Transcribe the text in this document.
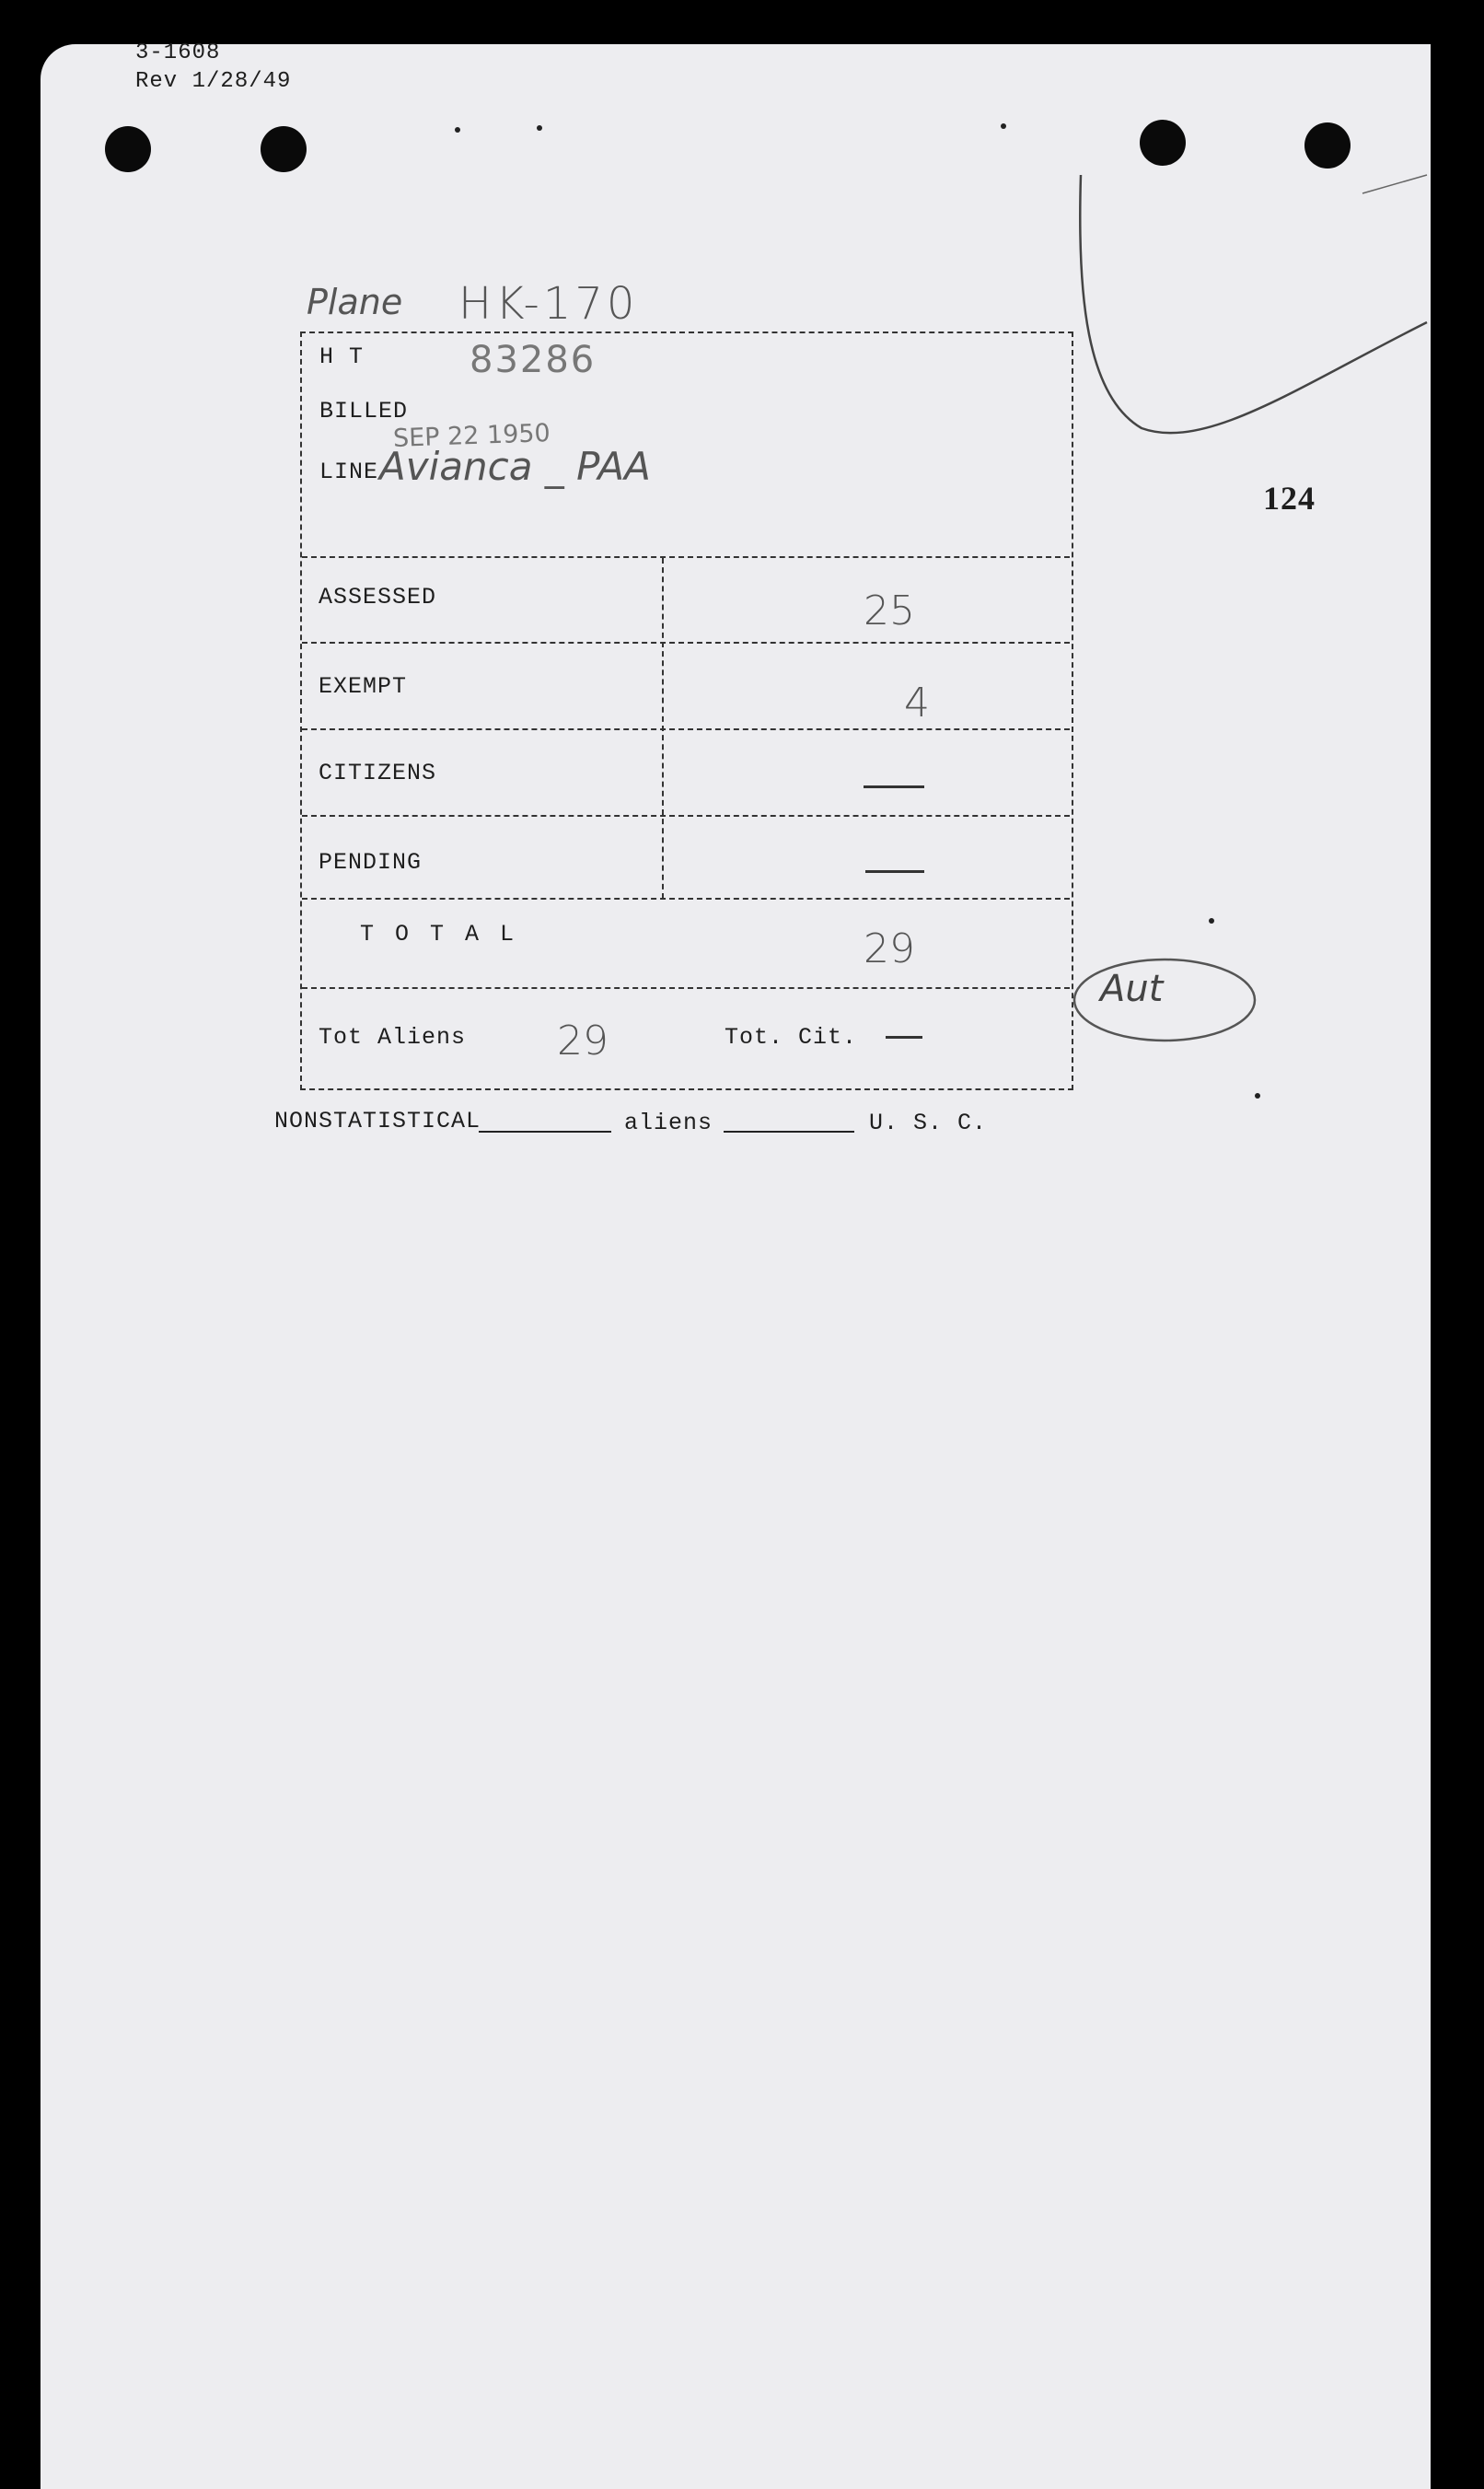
3-1608
Rev 1/28/49
124
Plane HK-170
H T	83286
BILLED
SEP 22 1950
LINE Avianca _ PAA
ASSESSED	25
EXEMPT	4
CITIZENS
PENDING
T O T A L	29
Tot Aliens 29	Tot. Cit.
Aut
NONSTATISTICAL	aliens	U. S. C.
